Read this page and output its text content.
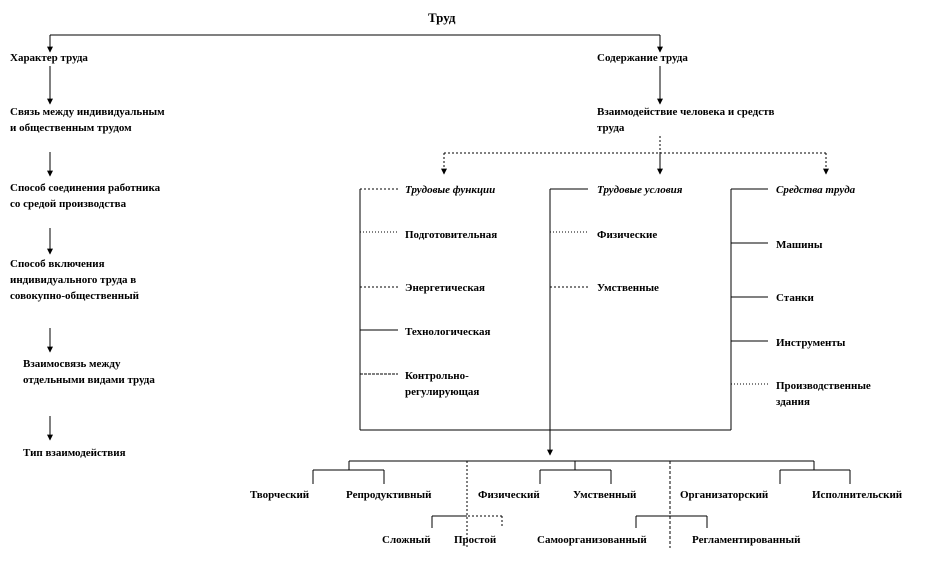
Труд
Характер труда
Связь между индивидуальным и общественным трудом
Способ соединения работника со средой производства
Способ включения индивидуального труда в совокупно-общественный
Взаимосвязь между отдельными видами труда
Тип взаимодействия
Содержание труда
Взаимодействие человека и средств труда
Трудовые функции
Подготовительная
Энергетическая
Технологическая
Контрольно-регулирующая
Трудовые условия
Физические
Умственные
Средства труда
Машины
Станки
Инструменты
Производственные здания
Творческий	Репродуктивный	Физический	Умственный	Организаторский	Исполнительский
Сложный Простой	Самоорганизованный	Регламентированный
